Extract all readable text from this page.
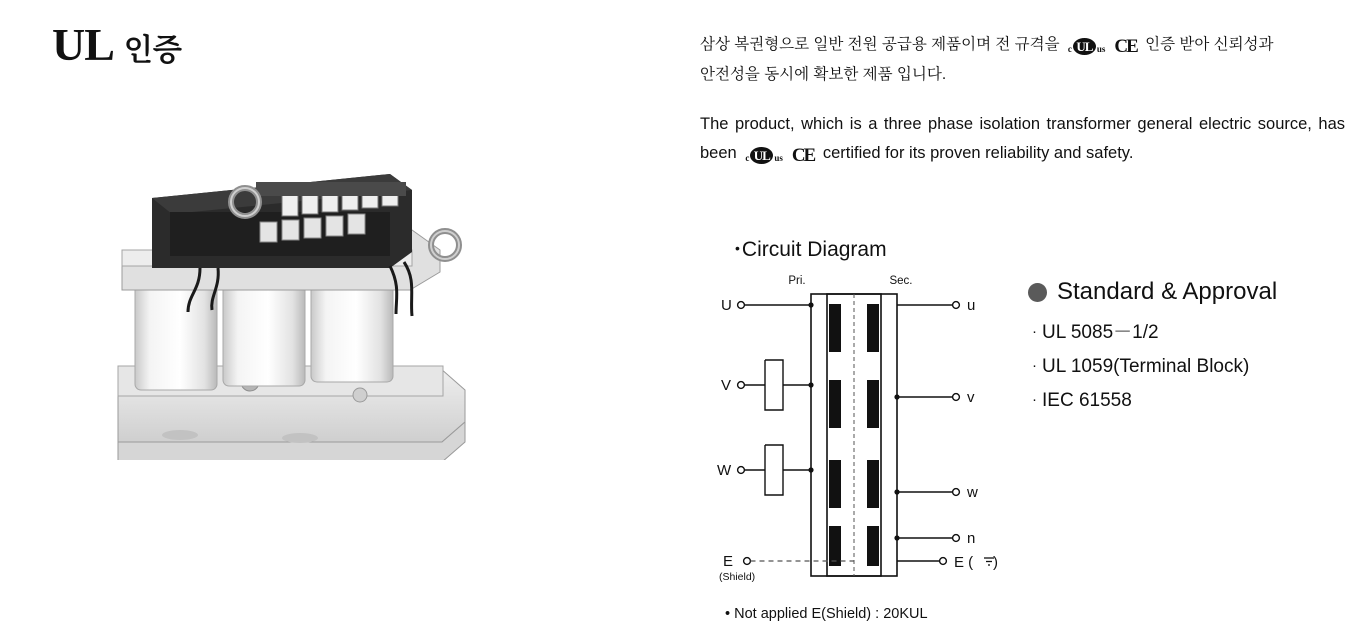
UL 인증	삼상 복권형으로 일반 전원 공급용 제품이며 전 규격을 c UL us CE 인증 받아 신뢰성과
안전성을 동시에 확보한 제품 입니다.

The product, which is a three phase isolation transformer general electric source, has been c UL us CE certified for its proven reliability and safety.

•Circuit Diagram
Pri.	Sec.
U
V
W
E
(Shield)
u
v
w
n
E ( )
• Not applied E(Shield) : 20KUL
Standard & Approval
· UL 5085－1/2
· UL 1059(Terminal Block)
· IEC 61558
